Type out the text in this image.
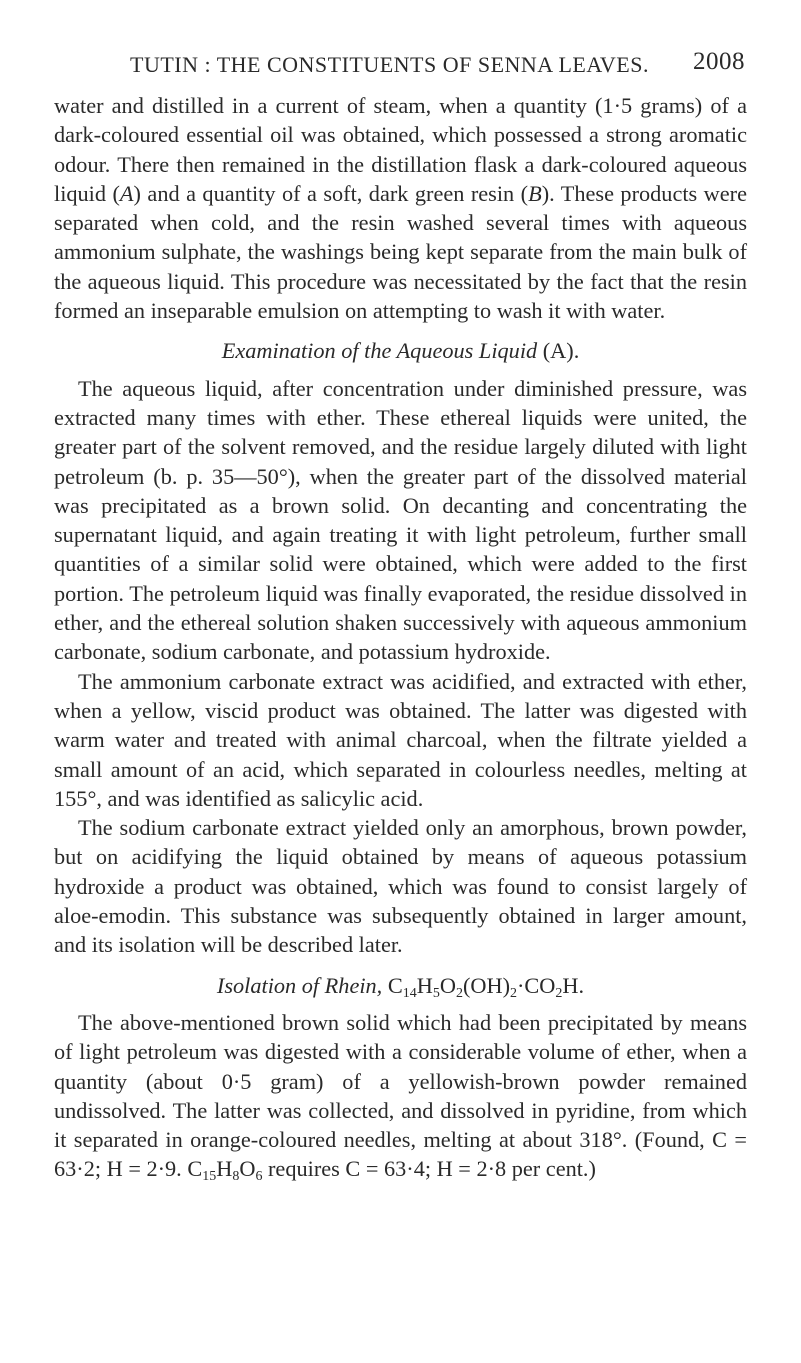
TUTIN : THE CONSTITUENTS OF SENNA LEAVES. 2008

water and distilled in a current of steam, when a quantity (1·5 grams) of a dark-coloured essential oil was obtained, which possessed a strong aromatic odour. There then remained in the distillation flask a dark-coloured aqueous liquid (A) and a quantity of a soft, dark green resin (B). These products were separated when cold, and the resin washed several times with aqueous ammonium sulphate, the washings being kept separate from the main bulk of the aqueous liquid. This procedure was necessitated by the fact that the resin formed an inseparable emulsion on attempting to wash it with water.

Examination of the Aqueous Liquid (A).

The aqueous liquid, after concentration under diminished pressure, was extracted many times with ether. These ethereal liquids were united, the greater part of the solvent removed, and the residue largely diluted with light petroleum (b. p. 35—50°), when the greater part of the dissolved material was precipitated as a brown solid. On decanting and concentrating the supernatant liquid, and again treating it with light petroleum, further small quantities of a similar solid were obtained, which were added to the first portion. The petroleum liquid was finally evaporated, the residue dissolved in ether, and the ethereal solution shaken successively with aqueous ammonium carbonate, sodium carbonate, and potassium hydroxide.

The ammonium carbonate extract was acidified, and extracted with ether, when a yellow, viscid product was obtained. The latter was digested with warm water and treated with animal charcoal, when the filtrate yielded a small amount of an acid, which separated in colourless needles, melting at 155°, and was identified as salicylic acid.

The sodium carbonate extract yielded only an amorphous, brown powder, but on acidifying the liquid obtained by means of aqueous potassium hydroxide a product was obtained, which was found to consist largely of aloe-emodin. This substance was subsequently obtained in larger amount, and its isolation will be described later.

Isolation of Rhein, $C_{14}H_5O_2(OH)_2\cdot CO_2H$.

The above-mentioned brown solid which had been precipitated by means of light petroleum was digested with a considerable volume of ether, when a quantity (about 0·5 gram) of a yellowish-brown powder remained undissolved. The latter was collected, and dissolved in pyridine, from which it separated in orange-coloured needles, melting at about 318°. (Found, C = 63·2; H = 2·9. $C_{15}H_8O_6$ requires C = 63·4; H = 2·8 per cent.)
